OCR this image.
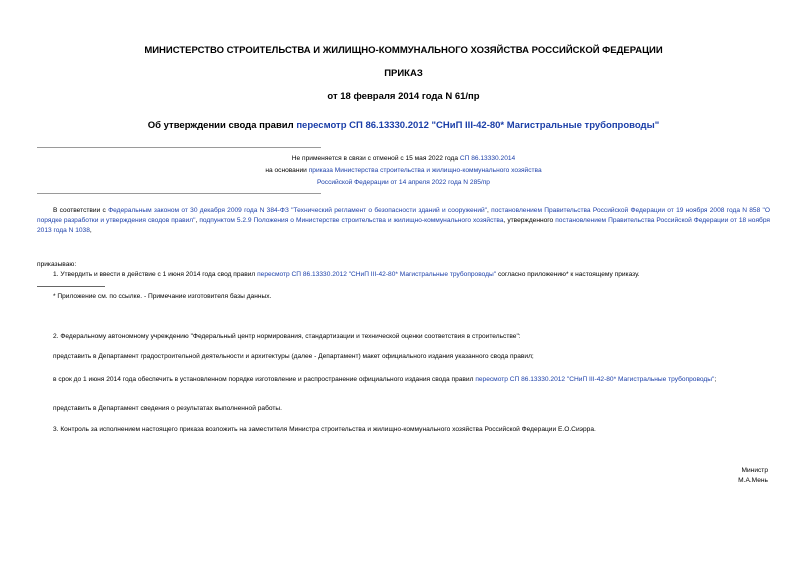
МИНИСТЕРСТВО СТРОИТЕЛЬСТВА И ЖИЛИЩНО-КОММУНАЛЬНОГО ХОЗЯЙСТВА РОССИЙСКОЙ ФЕДЕРАЦИИ
ПРИКАЗ
от 18 февраля 2014 года N 61/пр
Об утверждении свода правил пересмотр СП 86.13330.2012 "СНиП III-42-80* Магистральные трубопроводы"
Не применяется в связи с отменой с 15 мая 2022 года СП 86.13330.2014
на основании приказа Министерства строительства и жилищно-коммунального хозяйства
Российской Федерации от 14 апреля 2022 года N 285/пр
В соответствии с Федеральным законом от 30 декабря 2009 года N 384-ФЗ "Технический регламент о безопасности зданий и сооружений", постановлением Правительства Российской Федерации от 19 ноября 2008 года N 858 "О порядке разработки и утверждения сводов правил", подпунктом 5.2.9 Положения о Министерстве строительства и жилищно-коммунального хозяйства, утвержденного постановлением Правительства Российской Федерации от 18 ноября 2013 года N 1038,
приказываю:
1. Утвердить и ввести в действие с 1 июня 2014 года свод правил пересмотр СП 86.13330.2012 "СНиП III-42-80* Магистральные трубопроводы" согласно приложению* к настоящему приказу.
* Приложение см. по ссылке. - Примечание изготовителя базы данных.
2. Федеральному автономному учреждению "Федеральный центр нормирования, стандартизации и технической оценки соответствия в строительстве":
представить в Департамент градостроительной деятельности и архитектуры (далее - Департамент) макет официального издания указанного свода правил;
в срок до 1 июня 2014 года обеспечить в установленном порядке изготовление и распространение официального издания свода правил пересмотр СП 86.13330.2012 "СНиП III-42-80* Магистральные трубопроводы";
представить в Департамент сведения о результатах выполненной работы.
3. Контроль за исполнением настоящего приказа возложить на заместителя Министра строительства и жилищно-коммунального хозяйства Российской Федерации Е.О.Сиэрра.
Министр
М.А.Мень
